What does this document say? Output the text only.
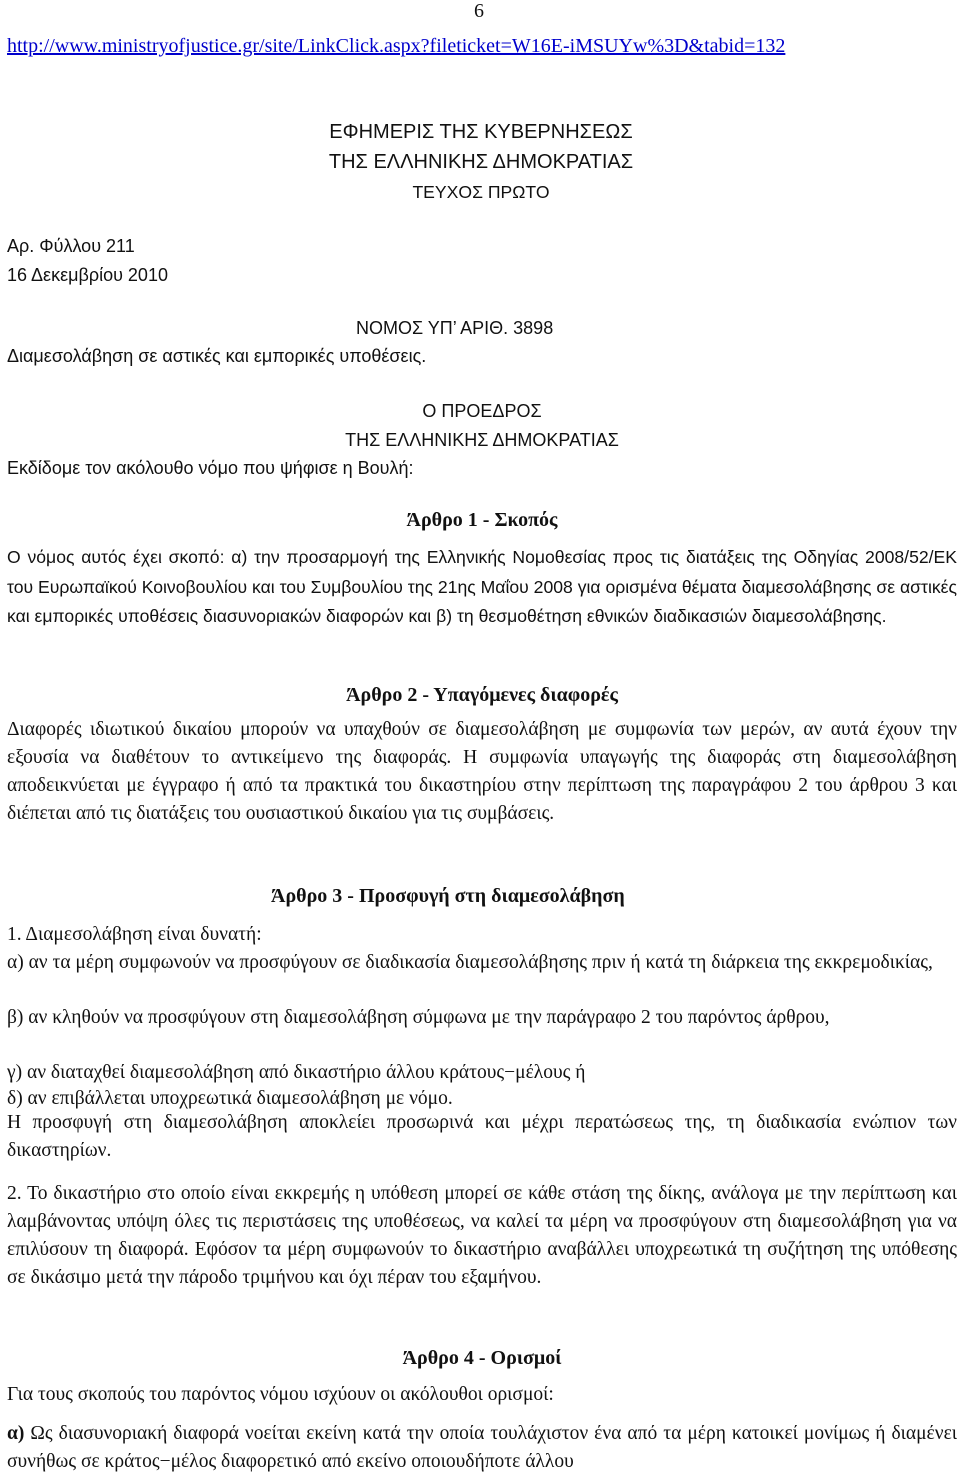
6
http://www.ministryofjustice.gr/site/LinkClick.aspx?fileticket=W16E-iMSUYw%3D&tabid=132
ΕΦΗΜΕΡΙΣ ΤΗΣ ΚΥΒΕΡΝΗΣΕΩΣ
ΤΗΣ ΕΛΛΗΝΙΚΗΣ ΔΗΜΟΚΡΑΤΙΑΣ
ΤΕΥΧΟΣ ΠΡΩΤΟ
Αρ. Φύλλου 211
16 Δεκεμβρίου 2010
ΝΟΜΟΣ ΥΠ’ ΑΡΙΘ. 3898
Διαμεσολάβηση σε αστικές και εμπορικές υποθέσεις.
Ο ΠΡΟΕΔΡΟΣ
ΤΗΣ ΕΛΛΗΝΙΚΗΣ ΔΗΜΟΚΡΑΤΙΑΣ
Εκδίδομε τον ακόλουθο νόμο που ψήφισε η Βουλή:
Άρθρο 1 - Σκοπός
Ο νόμος αυτός έχει σκοπό: α) την προσαρμογή της Ελληνικής Νομοθεσίας προς τις διατάξεις της Οδηγίας 2008/52/ΕΚ του Ευρωπαϊκού Κοινοβουλίου και του Συμβουλίου της 21ης Μαΐου 2008 για ορισμένα θέματα διαμεσολάβησης σε αστικές και εμπορικές υποθέσεις διασυνοριακών διαφορών και β) τη θεσμοθέτηση εθνικών διαδικασιών διαμεσολάβησης.
Άρθρο 2 - Υπαγόμενες διαφορές
Διαφορές ιδιωτικού δικαίου μπορούν να υπαχθούν σε διαμεσολάβηση με συμφωνία των μερών, αν αυτά έχουν την εξουσία να διαθέτουν το αντικείμενο της διαφοράς. Η συμφωνία υπαγωγής της διαφοράς στη διαμεσολάβηση αποδεικνύεται με έγγραφο ή από τα πρακτικά του δικαστηρίου στην περίπτωση της παραγράφου 2 του άρθρου 3 και διέπεται από τις διατάξεις του ουσιαστικού δικαίου για τις συμβάσεις.
Άρθρο 3 - Προσφυγή στη διαμεσολάβηση
1. Διαμεσολάβηση είναι δυνατή:
α) αν τα μέρη συμφωνούν να προσφύγουν σε διαδικασία διαμεσολάβησης πριν ή κατά τη διάρκεια της εκκρεμοδικίας,
β) αν κληθούν να προσφύγουν στη διαμεσολάβηση σύμφωνα με την παράγραφο 2 του παρόντος άρθρου,
γ) αν διαταχθεί διαμεσολάβηση από δικαστήριο άλλου κράτους−μέλους ή
δ) αν επιβάλλεται υποχρεωτικά διαμεσολάβηση με νόμο.
Η προσφυγή στη διαμεσολάβηση αποκλείει προσωρινά και μέχρι περατώσεως της, τη διαδικασία ενώπιον των δικαστηρίων.
2. Το δικαστήριο στο οποίο είναι εκκρεμής η υπόθεση μπορεί σε κάθε στάση της δίκης, ανάλογα με την περίπτωση και λαμβάνοντας υπόψη όλες τις περιστάσεις της υποθέσεως, να καλεί τα μέρη να προσφύγουν στη διαμεσολάβηση για να επιλύσουν τη διαφορά. Εφόσον τα μέρη συμφωνούν το δικαστήριο αναβάλλει υποχρεωτικά τη συζήτηση της υπόθεσης σε δικάσιμο μετά την πάροδο τριμήνου και όχι πέραν του εξαμήνου.
Άρθρο 4 - Ορισμοί
Για τους σκοπούς του παρόντος νόμου ισχύουν οι ακόλουθοι ορισμοί:
α) Ως διασυνοριακή διαφορά νοείται εκείνη κατά την οποία τουλάχιστον ένα από τα μέρη κατοικεί μονίμως ή διαμένει συνήθως σε κράτος−μέλος διαφορετικό από εκείνο οποιουδήποτε άλλου
